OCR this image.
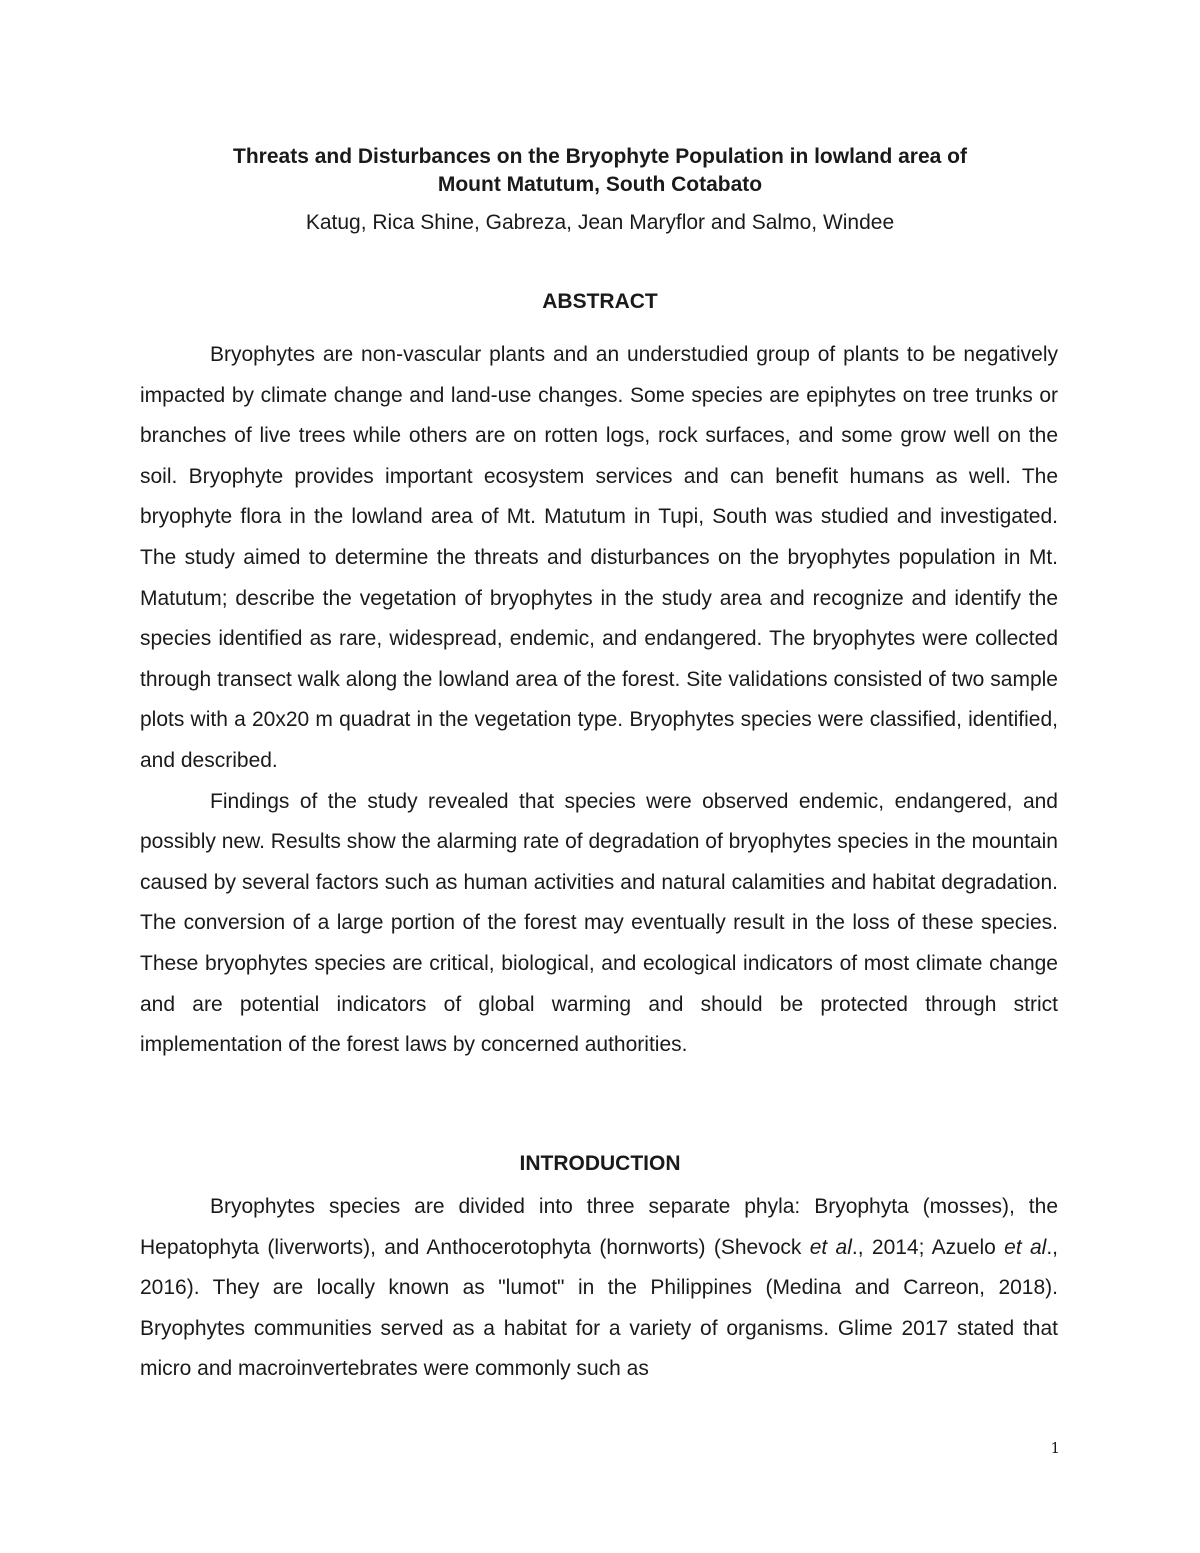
Threats and Disturbances on the Bryophyte Population in lowland area of
Mount Matutum, South Cotabato

Katug, Rica Shine, Gabreza, Jean Maryflor and Salmo, Windee

ABSTRACT

Bryophytes are non-vascular plants and an understudied group of plants to be negatively impacted by climate change and land-use changes. Some species are epiphytes on tree trunks or branches of live trees while others are on rotten logs, rock surfaces, and some grow well on the soil. Bryophyte provides important ecosystem services and can benefit humans as well. The bryophyte flora in the lowland area of Mt. Matutum in Tupi, South was studied and investigated. The study aimed to determine the threats and disturbances on the bryophytes population in Mt. Matutum; describe the vegetation of bryophytes in the study area and recognize and identify the species identified as rare, widespread, endemic, and endangered. The bryophytes were collected through transect walk along the lowland area of the forest. Site validations consisted of two sample plots with a 20x20 m quadrat in the vegetation type. Bryophytes species were classified, identified, and described.

Findings of the study revealed that species were observed endemic, endangered, and possibly new. Results show the alarming rate of degradation of bryophytes species in the mountain caused by several factors such as human activities and natural calamities and habitat degradation. The conversion of a large portion of the forest may eventually result in the loss of these species. These bryophytes species are critical, biological, and ecological indicators of most climate change and are potential indicators of global warming and should be protected through strict implementation of the forest laws by concerned authorities.

INTRODUCTION

Bryophytes species are divided into three separate phyla: Bryophyta (mosses), the Hepatophyta (liverworts), and Anthocerotophyta (hornworts) (Shevock et al., 2014; Azuelo et al., 2016). They are locally known as "lumot" in the Philippines (Medina and Carreon, 2018). Bryophytes communities served as a habitat for a variety of organisms. Glime 2017 stated that micro and macroinvertebrates were commonly such as

1
